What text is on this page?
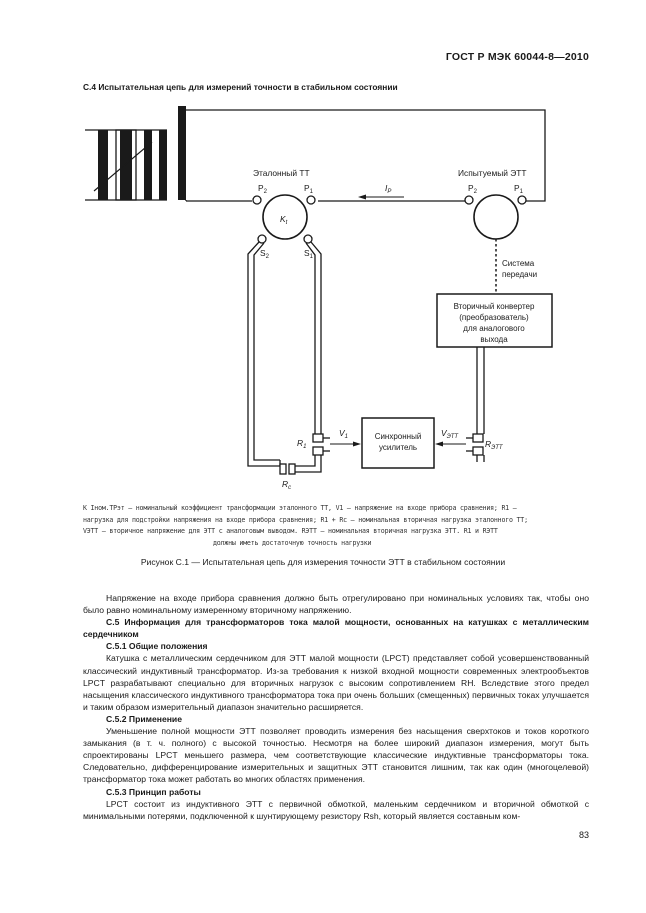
ГОСТ Р МЭК 60044-8—2010
С.4 Испытательная цепь для измерений точности в стабильном состоянии
Эталонный ТТ	Испытуемый ЭТТ
$P_2$	$P_1$
$S_2$	$S_1$
$K_t$
$P_2$	$P_1$
$I_P$
Система
передачи
Вторичный конвертер
(преобразователь)
для аналогового
выхода
Синхронный
усилитель
$V_1$	$V_{ЭТТ}$
$R_1$	$R_{ЭТТ}$
$R_c$

K Iном.ТРэт — номинальный коэффициент трансформации эталонного ТТ, V1 — напряжение на входе прибора сравнения; R1 —

нагрузка для подстройки напряжения на входе прибора сравнения; R1 + Rc — номинальная вторичная нагрузка эталонного ТТ;

VЭТТ — вторичное напряжение для ЭТТ с аналоговым выводом. RЭТТ — номинальная вторичная нагрузка ЭТТ. R1 и RЭТТ

должны иметь достаточную точность нагрузки

Рисунок С.1 — Испытательная цепь для измерения точности ЭТТ в стабильном состоянии

Напряжение на входе прибора сравнения должно быть отрегулировано при номинальных условиях так, чтобы оно было равно номинальному измеренному вторичному напряжению.

С.5 Информация для трансформаторов тока малой мощности, основанных на катушках с металлическим сердечником

С.5.1 Общие положения

Катушка с металлическим сердечником для ЭТТ малой мощности (LPCT) представляет собой усовершенствованный классический индуктивный трансформатор. Из-за требования к низкой входной мощности современных электрообъектов LPCT разрабатывают специально для вторичных нагрузок с высоким сопротивлением RH. Вследствие этого предел насыщения классического индуктивного трансформатора тока при очень больших (смещенных) первичных токах улучшается и таким образом измерительный диапазон значительно расширяется.

С.5.2 Применение

Уменьшение полной мощности ЭТТ позволяет проводить измерения без насыщения сверхтоков и токов короткого замыкания (в т. ч. полного) с высокой точностью. Несмотря на более широкий диапазон измерения, могут быть спроектированы LPCT меньшего размера, чем соответствующие классические индуктивные трансформаторы тока. Следовательно, дифференцирование измерительных и защитных ЭТТ становится лишним, так как один (многоцелевой) трансформатор тока может работать во многих областях применения.

С.5.3 Принцип работы

LPCT состоит из индуктивного ЭТТ с первичной обмоткой, маленьким сердечником и вторичной обмоткой с минимальными потерями, подключенной к шунтирующему резистору Rsh, который является составным ком-

83
